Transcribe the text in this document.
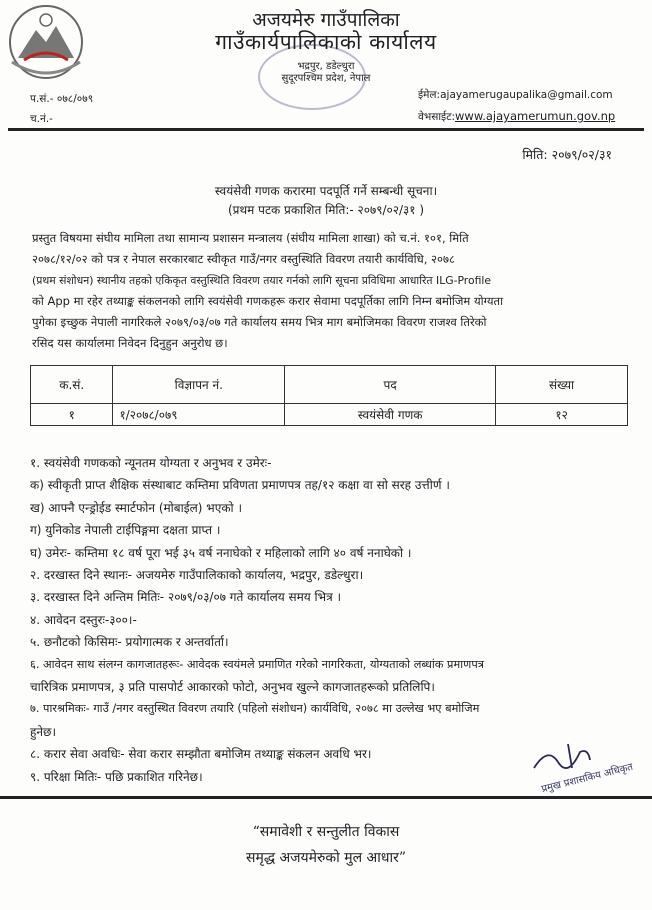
अजयमेरु गाउँपालिका
गाउँकार्यपालिकाको कार्यालय
भद्रपुर, डडेल्धुरा
सुदूरपश्चिम प्रदेश, नेपाल
प.सं.- ०७८/०७९
च.नं.-
ईमेल:ajayamerugaupalika@gmail.com
वेभसाईट:www.ajayamerumun.gov.np
मिति: २०७९/०२/३१
स्वयंसेवी गणक करारमा पदपूर्ति गर्ने सम्बन्धी सूचना।
(प्रथम पटक प्रकाशित मिति:- २०७९/०२/३१ )
प्रस्तुत विषयमा संघीय मामिला तथा सामान्य प्रशासन मन्त्रालय (संघीय मामिला शाखा) को च.नं. १०१, मिति
२०७८/१२/०२ को पत्र र नेपाल सरकारबाट स्वीकृत गाउँ/नगर वस्तुस्थिति विवरण तयारी कार्यविधि, २०७८
(प्रथम संशोधन) स्थानीय तहको एकिकृत वस्तुस्थिति विवरण तयार गर्नको लागि सूचना प्रविधिमा आधारित ILG-Profile
को App मा रहेर तथ्याङ्क संकलनको लागि स्वयंसेवी गणकहरू करार सेवामा पदपूर्तिका लागि निम्न बमोजिम योग्यता
पुगेका इच्छुक नेपाली नागरिकले २०७९/०३/०७ गते कार्यालय समय भित्र माग बमोजिमका विवरण राजश्व तिरेको
रसिद यस कार्यालमा निवेदन दिनुहुन अनुरोध छ।
क.सं.	विज्ञापन नं.	पद	संख्या
१	१/२०७८/०७९	स्वयंसेवी गणक	१२
१. स्वयंसेवी गणकको न्यूनतम योग्यता र अनुभव र उमेरः-
क) स्वीकृती प्राप्त शैक्षिक संस्थाबाट कम्तिमा प्रविणता प्रमाणपत्र तह/१२ कक्षा वा सो सरह उत्तीर्ण ।
ख) आफ्नै एन्ड्रोईड स्मार्टफोन (मोबाईल) भएको ।
ग) युनिकोड नेपाली टाईपिङ्गमा दक्षता प्राप्त ।
घ) उमेरः- कम्तिमा १८ वर्ष पूरा भई ३५ वर्ष ननाघेको र महिलाको लागि ४० वर्ष ननाघेको ।
२. दरखास्त दिने स्थानः- अजयमेरु गाउँपालिकाको कार्यालय, भद्रपुर, डडेल्धुरा।
३. दरखास्त दिने अन्तिम मितिः- २०७९/०३/०७ गते कार्यालय समय भित्र ।
४. आवेदन दस्तुरः-३००।-
५. छनौटको किसिमः- प्रयोगात्मक र अन्तर्वार्ता।
६. आवेदन साथ संलग्न कागजातहरूः- आवेदक स्वयंमले प्रमाणित गरेको नागरिकता, योग्यताको लब्धांक प्रमाणपत्र
चारित्रिक प्रमाणपत्र, ३ प्रति पासपोर्ट आकारको फोटो, अनुभव खुल्ने कागजातहरूको प्रतिलिपि।
७. पारश्रमिकः- गाउँ /नगर वस्तुस्थित विवरण तयारि (पहिलो संशोधन) कार्यविधि, २०७८ मा उल्लेख भए बमोजिम
हुनेछ।
८. करार सेवा अवधिः- सेवा करार सम्झौता बमोजिम तथ्याङ्क संकलन अवधि भर।
९. परिक्षा मितिः- पछि प्रकाशित गरिनेछ।	प्रमुख प्रशासकिय अधिकृत
“समावेशी र सन्तुलीत विकास
समृद्ध अजयमेरुको मुल आधार”
